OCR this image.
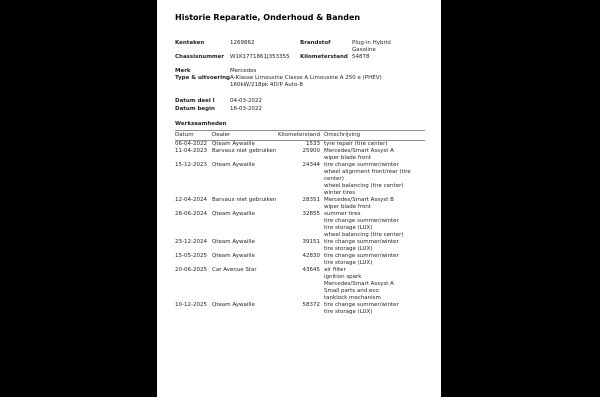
Historie Reparatie, Onderhoud & Banden
Kenteken	1269862	Brandstof	Plug-in Hybrid Gasoline
Chassisnummer	W1K1771861J353355	Kilometerstand 54878
Merk	Mercedes
Type & uitvoering A-Klasse Limousine Classe A Limousine A 250 e (PHEV)
160kW/218pk 4D/P Auto-8
Datum deel I	04-03-2022
Datum begin	16-03-2022
Werkzaamheden
Datum	Dealer	Kilometerstand Omschrijving
06-04-2022 Qteam Aywaille	1533 tyre repair (tire center)
11-04-2023 Barvaux niet gebruiken	25900 Mercedes/Smart Assyst A
wiper blade front
15-12-2023 Qteam Aywaille	24344 tire change summer/winter
wheel alignment front/rear (tire center)
wheel balancing (tire center)
winter tires
12-04-2024 Barvaux niet gebruiken	28351 Mercedes/Smart Assyst B
wiper blade front
28-06-2024 Qteam Aywaille	32855 summer tires
tire change summer/winter
tire storage (LUX)
wheel balancing (tire center)
23-12-2024 Qteam Aywaille	39151 tire change summer/winter
tire storage (LUX)
15-05-2025 Qteam Aywaille	42830 tire change summer/winter
tire storage (LUX)
20-06-2025 Car Avenue Star	43645 air filter
ignition spark
Mercedes/Smart Assyst A
Small parts and eco
tanklock mechanism
10-12-2025 Qteam Aywaille	58372 tire change summer/winter
tire storage (LUX)
